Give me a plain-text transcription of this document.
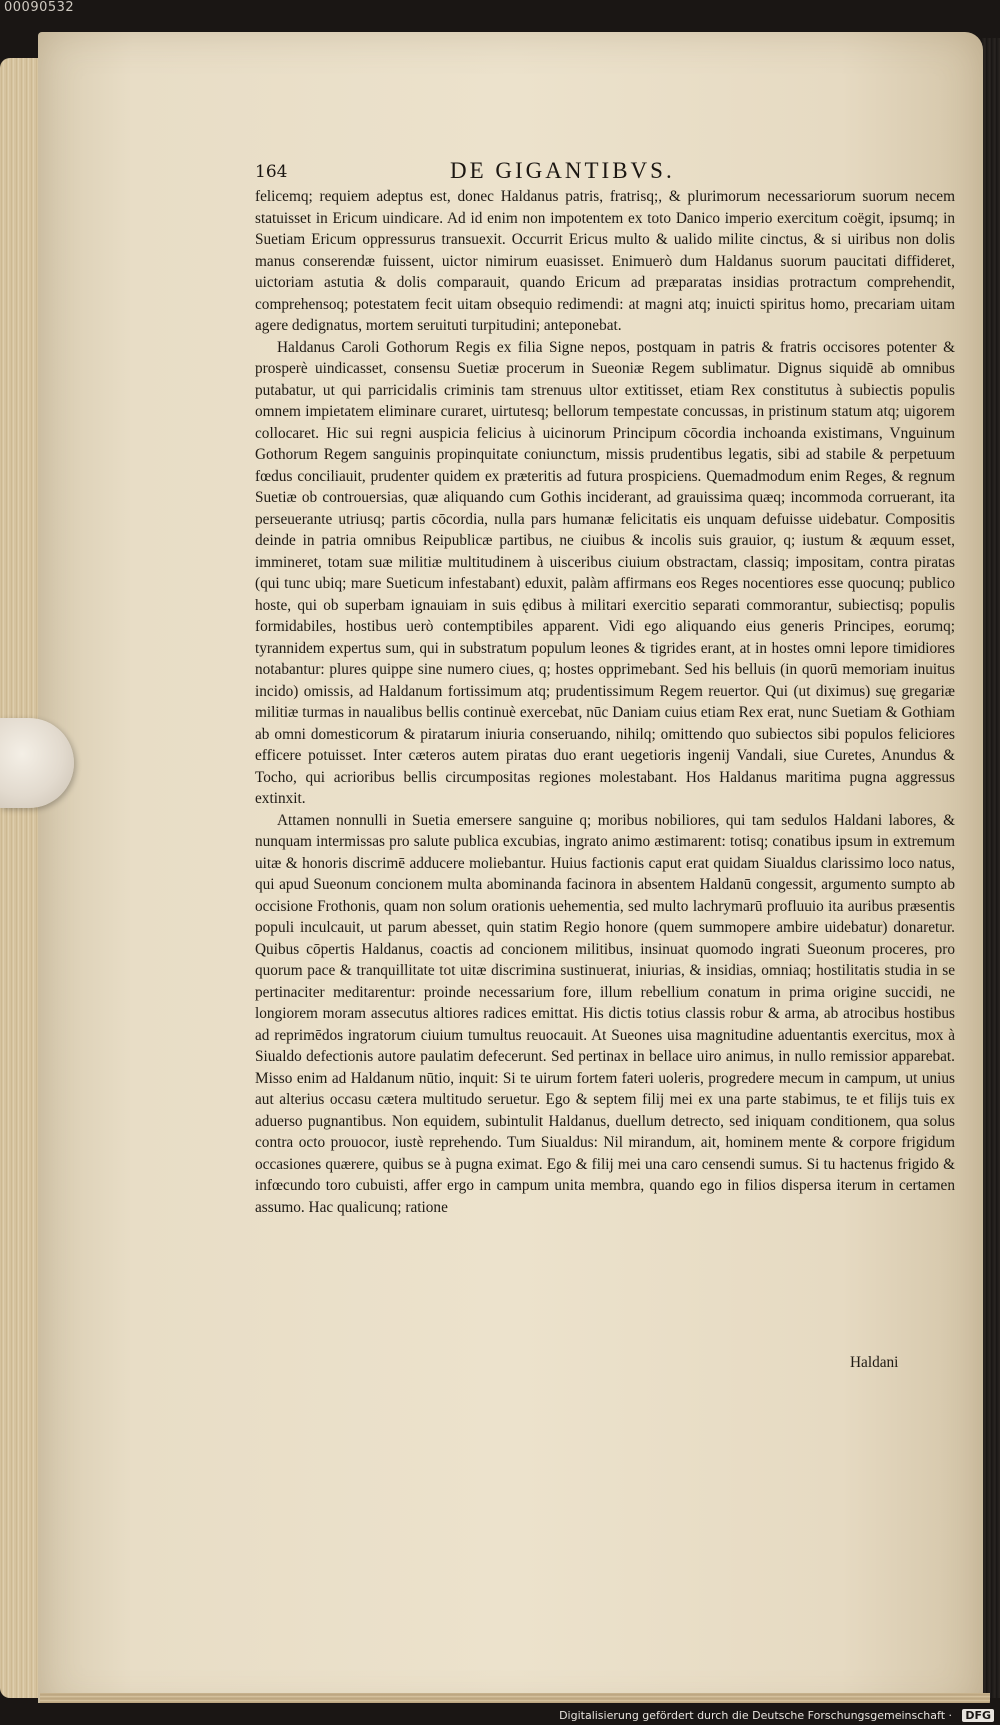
00090532
164	DE GIGANTIBVS.

felicemq; requiem adeptus est, donec Haldanus patris, fratrisq;, & plurimorum necessariorum suorum necem statuisset in Ericum uindicare. Ad id enim non impotentem ex toto Danico imperio exercitum coëgit, ipsumq; in Suetiam Ericum oppressurus transuexit. Occurrit Ericus multo & ualido milite cinctus, & si uiribus non dolis manus conserendæ fuissent, uictor nimirum euasisset. Enimuerò dum Haldanus suorum paucitati diffideret, uictoriam astutia & dolis comparauit, quando Ericum ad præparatas insidias protractum comprehendit, comprehensoq; potestatem fecit uitam obsequio redimendi: at magni atq; inuicti spiritus homo, precariam uitam agere dedignatus, mortem seruituti turpitudini; anteponebat.

Haldanus Caroli Gothorum Regis ex filia Signe nepos, postquam in patris & fratris occisores potenter & prosperè uindicasset, consensu Suetiæ procerum in Sueoniæ Regem sublimatur. Dignus siquidē ab omnibus putabatur, ut qui parricidalis criminis tam strenuus ultor extitisset, etiam Rex constitutus à subiectis populis omnem impietatem eliminare curaret, uirtutesq; bellorum tempestate concussas, in pristinum statum atq; uigorem collocaret. Hic sui regni auspicia felicius à uicinorum Principum cōcordia inchoanda existimans, Vnguinum Gothorum Regem sanguinis propinquitate coniunctum, missis prudentibus legatis, sibi ad stabile & perpetuum fœdus conciliauit, prudenter quidem ex præteritis ad futura prospiciens. Quemadmodum enim Reges, & regnum Suetiæ ob controuersias, quæ aliquando cum Gothis inciderant, ad grauissima quæq; incommoda corruerant, ita perseuerante utriusq; partis cōcordia, nulla pars humanæ felicitatis eis unquam defuisse uidebatur. Compositis deinde in patria omnibus Reipublicæ partibus, ne ciuibus & incolis suis grauior, q; iustum & æquum esset, immineret, totam suæ militiæ multitudinem à uisceribus ciuium obstractam, classiq; impositam, contra piratas (qui tunc ubiq; mare Sueticum infestabant) eduxit, palàm affirmans eos Reges nocentiores esse quocunq; publico hoste, qui ob superbam ignauiam in suis ędibus à militari exercitio separati commorantur, subiectisq; populis formidabiles, hostibus uerò contemptibiles apparent. Vidi ego aliquando eius generis Principes, eorumq; tyrannidem expertus sum, qui in substratum populum leones & tigrides erant, at in hostes omni lepore timidiores notabantur: plures quippe sine numero ciues, q; hostes opprimebant. Sed his belluis (in quorū memoriam inuitus incido) omissis, ad Haldanum fortissimum atq; prudentissimum Regem reuertor. Qui (ut diximus) suę gregariæ militiæ turmas in naualibus bellis continuè exercebat, nūc Daniam cuius etiam Rex erat, nunc Suetiam & Gothiam ab omni domesticorum & piratarum iniuria conseruando, nihilq; omittendo quo subiectos sibi populos feliciores efficere potuisset. Inter cæteros autem piratas duo erant uegetioris ingenij Vandali, siue Curetes, Anundus & Tocho, qui acrioribus bellis circumpositas regiones molestabant. Hos Haldanus maritima pugna aggressus extinxit.

Attamen nonnulli in Suetia emersere sanguine q; moribus nobiliores, qui tam sedulos Haldani labores, & nunquam intermissas pro salute publica excubias, ingrato animo æstimarent: totisq; conatibus ipsum in extremum uitæ & honoris discrimē adducere moliebantur. Huius factionis caput erat quidam Siualdus clarissimo loco natus, qui apud Sueonum concionem multa abominanda facinora in absentem Haldanū congessit, argumento sumpto ab occisione Frothonis, quam non solum orationis uehementia, sed multo lachrymarū profluuio ita auribus præsentis populi inculcauit, ut parum abesset, quin statim Regio honore (quem summopere ambire uidebatur) donaretur. Quibus cōpertis Haldanus, coactis ad concionem militibus, insinuat quomodo ingrati Sueonum proceres, pro quorum pace & tranquillitate tot uitæ discrimina sustinuerat, iniurias, & insidias, omniaq; hostilitatis studia in se pertinaciter meditarentur: proinde necessarium fore, illum rebellium conatum in prima origine succidi, ne longiorem moram assecutus altiores radices emittat. His dictis totius classis robur & arma, ab atrocibus hostibus ad reprimēdos ingratorum ciuium tumultus reuocauit. At Sueones uisa magnitudine aduentantis exercitus, mox à Siualdo defectionis autore paulatim defecerunt. Sed pertinax in bellace uiro animus, in nullo remissior apparebat. Misso enim ad Haldanum nūtio, inquit: Si te uirum fortem fateri uoleris, progredere mecum in campum, ut unius aut alterius occasu cætera multitudo seruetur. Ego & septem filij mei ex una parte stabimus, te et filijs tuis ex aduerso pugnantibus. Non equidem, subintulit Haldanus, duellum detrecto, sed iniquam conditionem, qua solus contra octo prouocor, iustè reprehendo. Tum Siualdus: Nil mirandum, ait, hominem mente & corpore frigidum occasiones quærere, quibus se à pugna eximat. Ego & filij mei una caro censendi sumus. Si tu hactenus frigido & infœcundo toro cubuisti, affer ergo in campum unita membra, quando ego in filios dispersa iterum in certamen assumo. Hac qualicunq; ratione

Haldani
Digitalisierung gefördert durch die Deutsche Forschungsgemeinschaft · DFG
